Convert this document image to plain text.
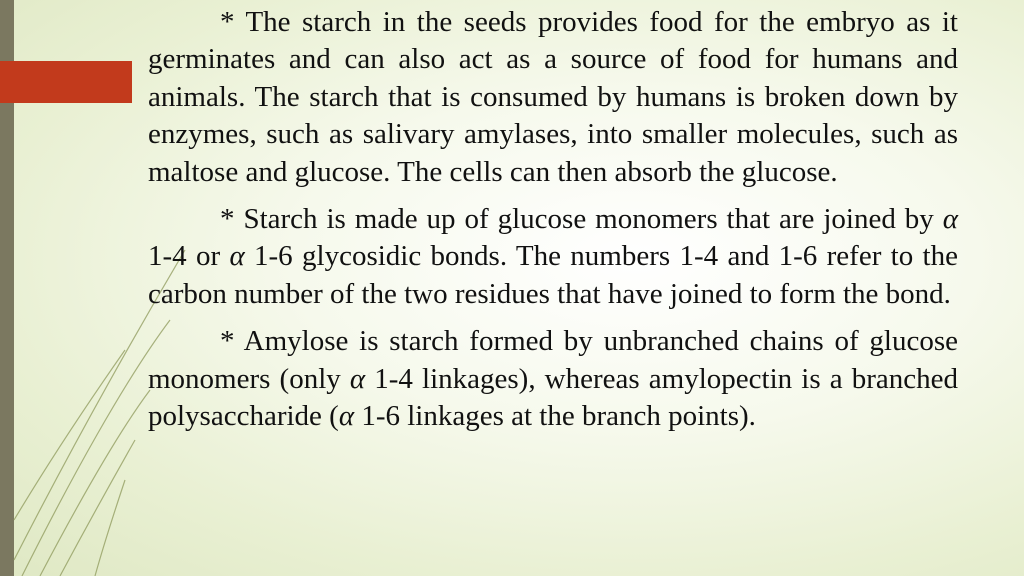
* The starch in the seeds provides food for the embryo as it germinates and can also act as a source of food for humans and animals. The starch that is consumed by humans is broken down by enzymes, such as salivary amylases, into smaller molecules, such as maltose and glucose. The cells can then absorb the glucose.

* Starch is made up of glucose monomers that are joined by α 1-4 or α 1-6 glycosidic bonds. The numbers 1-4 and 1-6 refer to the carbon number of the two residues that have joined to form the bond.

* Amylose is starch formed by unbranched chains of glucose monomers (only α 1-4 linkages), whereas amylopectin is a branched polysaccharide (α 1-6 linkages at the branch points).
